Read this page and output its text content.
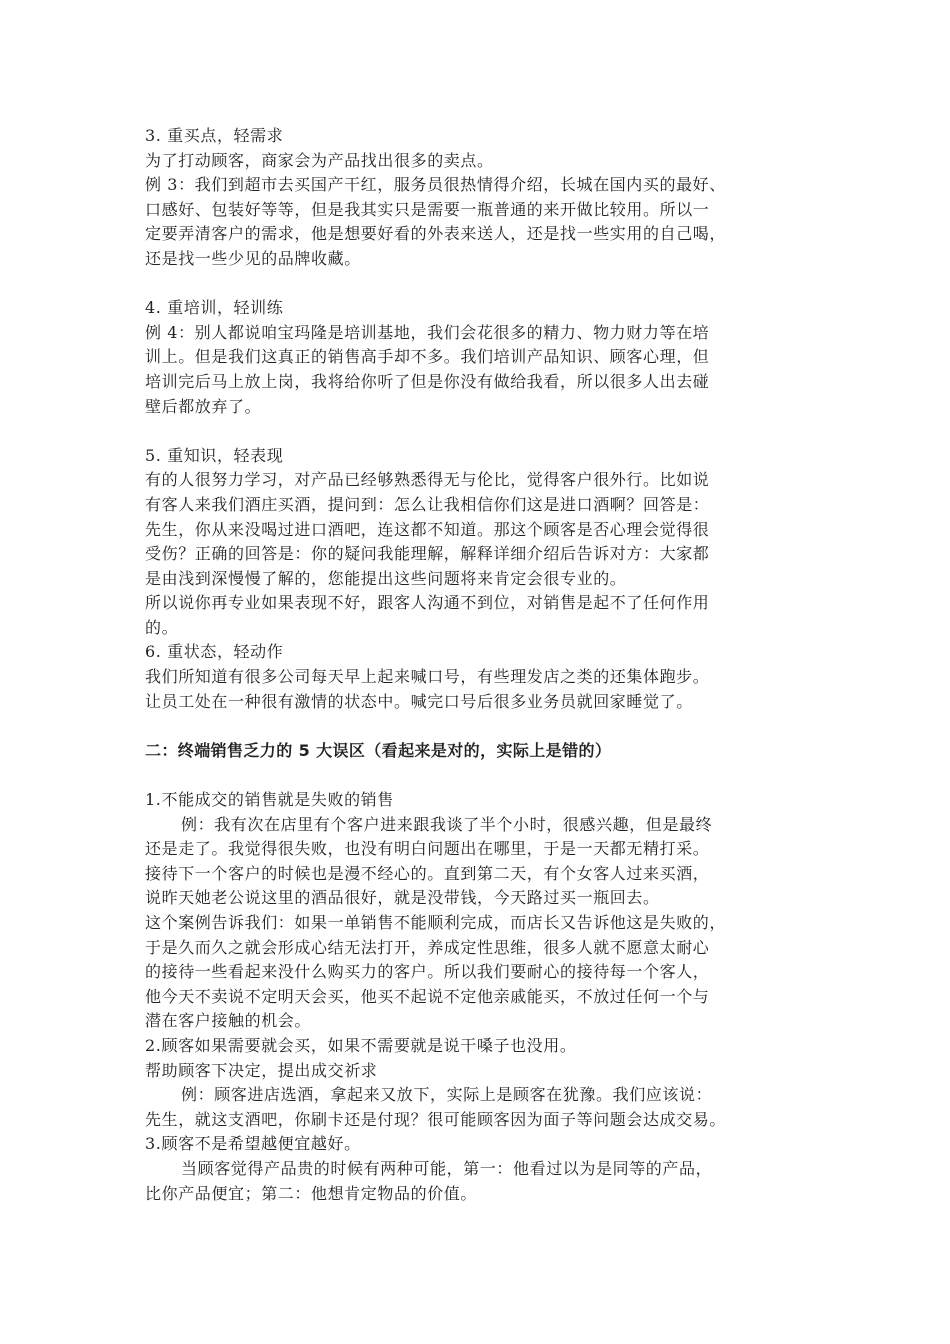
3. 重买点，轻需求
为了打动顾客，商家会为产品找出很多的卖点。
例 3：我们到超市去买国产干红，服务员很热情得介绍，长城在国内买的最好、
口感好、包装好等等，但是我其实只是需要一瓶普通的来开做比较用。所以一
定要弄清客户的需求，他是想要好看的外表来送人，还是找一些实用的自己喝，
还是找一些少见的品牌收藏。
4. 重培训，轻训练
例 4：别人都说咱宝玛隆是培训基地，我们会花很多的精力、物力财力等在培
训上。但是我们这真正的销售高手却不多。我们培训产品知识、顾客心理，但
培训完后马上放上岗，我将给你听了但是你没有做给我看，所以很多人出去碰
壁后都放弃了。
5. 重知识，轻表现
有的人很努力学习，对产品已经够熟悉得无与伦比，觉得客户很外行。比如说
有客人来我们酒庄买酒，提问到：怎么让我相信你们这是进口酒啊？回答是：
先生，你从来没喝过进口酒吧，连这都不知道。那这个顾客是否心理会觉得很
受伤？正确的回答是：你的疑问我能理解，解释详细介绍后告诉对方：大家都
是由浅到深慢慢了解的，您能提出这些问题将来肯定会很专业的。
所以说你再专业如果表现不好，跟客人沟通不到位，对销售是起不了任何作用
的。
6. 重状态，轻动作
我们所知道有很多公司每天早上起来喊口号，有些理发店之类的还集体跑步。
让员工处在一种很有激情的状态中。喊完口号后很多业务员就回家睡觉了。
二：终端销售乏力的 5 大误区（看起来是对的，实际上是错的）
1.不能成交的销售就是失败的销售
例：我有次在店里有个客户进来跟我谈了半个小时，很感兴趣，但是最终
还是走了。我觉得很失败，也没有明白问题出在哪里，于是一天都无精打采。
接待下一个客户的时候也是漫不经心的。直到第二天，有个女客人过来买酒，
说昨天她老公说这里的酒品很好，就是没带钱，今天路过买一瓶回去。
这个案例告诉我们：如果一单销售不能顺利完成，而店长又告诉他这是失败的，
于是久而久之就会形成心结无法打开，养成定性思维，很多人就不愿意太耐心
的接待一些看起来没什么购买力的客户。所以我们要耐心的接待每一个客人，
他今天不卖说不定明天会买，他买不起说不定他亲戚能买，不放过任何一个与
潜在客户接触的机会。
2.顾客如果需要就会买，如果不需要就是说干嗓子也没用。
帮助顾客下决定，提出成交祈求
例：顾客进店选酒，拿起来又放下，实际上是顾客在犹豫。我们应该说：
先生，就这支酒吧，你刷卡还是付现？很可能顾客因为面子等问题会达成交易。
3.顾客不是希望越便宜越好。
当顾客觉得产品贵的时候有两种可能，第一：他看过以为是同等的产品，
比你产品便宜；第二：他想肯定物品的价值。
